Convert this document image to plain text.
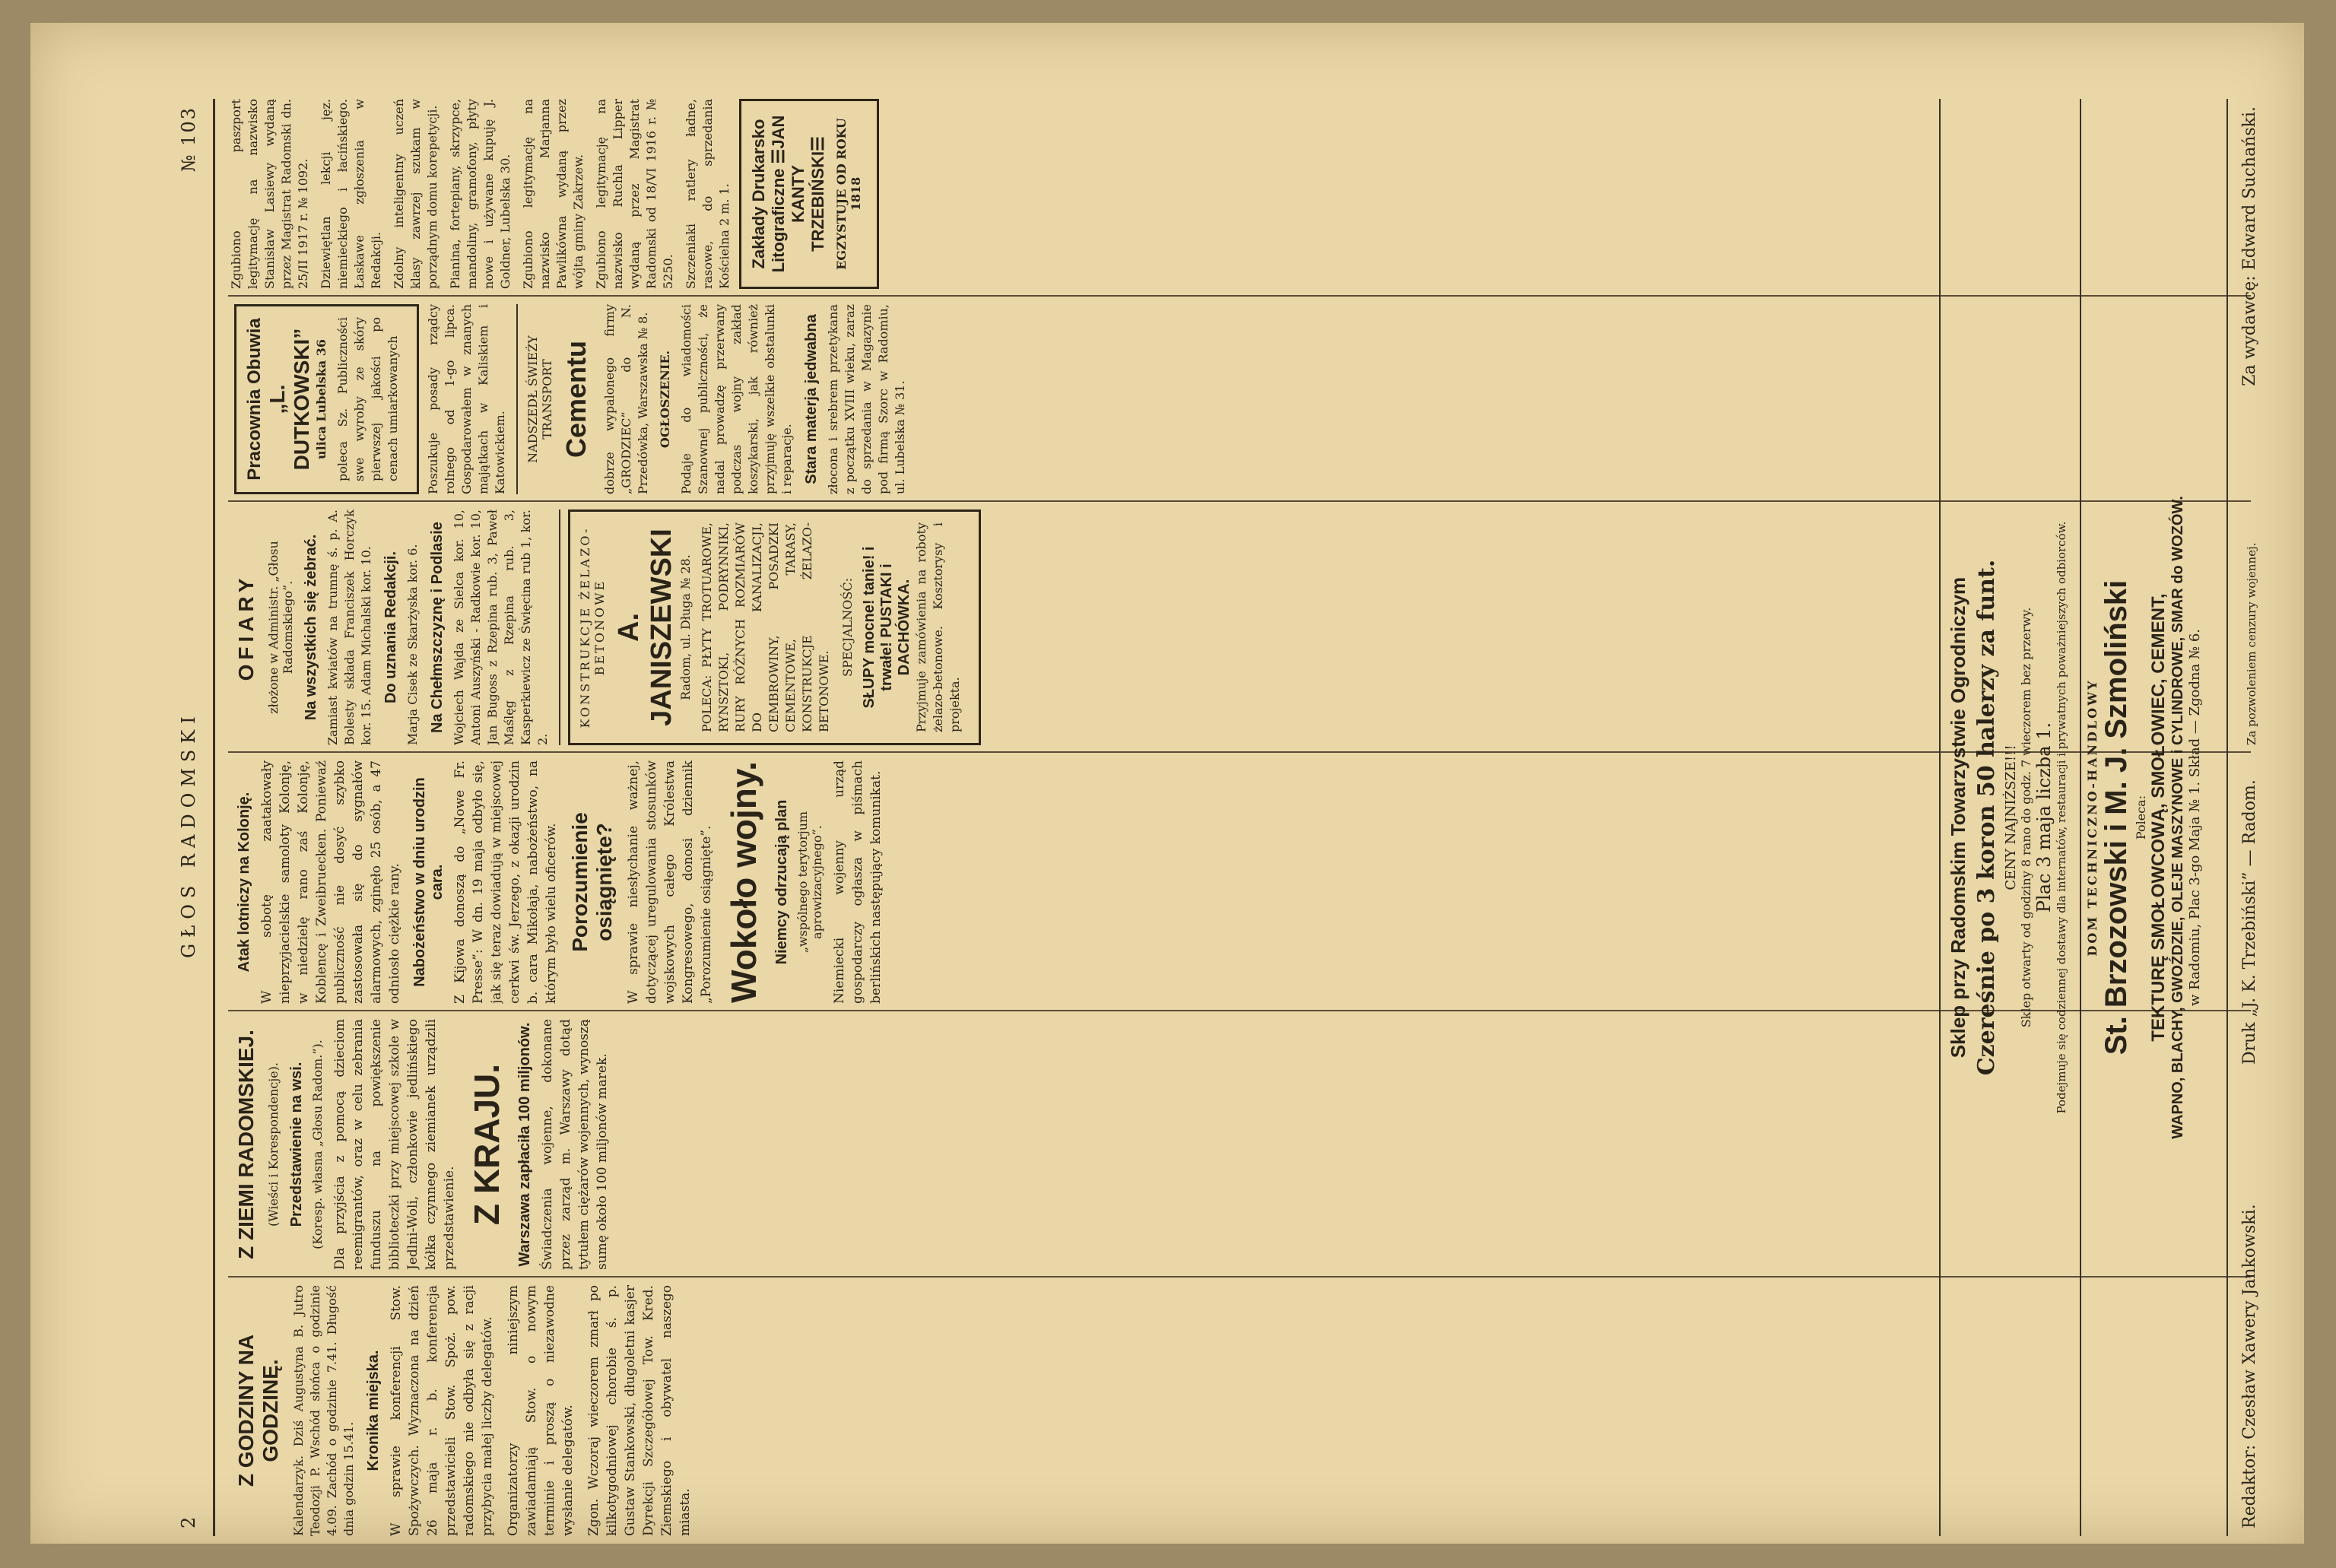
2
GŁOS RADOMSKI
№ 103
Z GODZINY NA GODZINĘ. Kalendarzyk. Dziś Augustyna B. Jutro Teodozji P. Wschód słońca o godzinie 4.09. Zachód o godzinie 7.41. Długość dnia godzin 15.41.

Kronika miejska. W sprawie konferencji Stow. Spożywczych. Wyznaczona na dzień 26 maja r. b. konferencja przedstawicieli Stow. Spoż. pow. radomskiego nie odbyła się z racji przybycia małej liczby delegatów. Organizatorzy niniejszym zawiadamiają Stow. o nowym terminie i proszą o niezawodne wysłanie delegatów. Zgon. Wczoraj wieczorem zmarł po kilkotygodniowej chorobie ś. p. Gustaw Stankowski, długoletni kasjer Dyrekcji Szczegółowej Tow. Kred. Ziemskiego i obywatel naszego miasta.

Z ZIEMI RADOMSKIEJ. (Wieści i Korespondencje). Przedstawienie na wsi. (Koresp. własna „Głosu Radom.”). Dla przyjścia z pomocą dzieciom reemigrantów, oraz w celu zebrania funduszu na powiększenie biblioteczki przy miejscowej szkole w Jedlni-Woli, członkowie jedlińskiego kółka czynnego ziemianek urządzili przedstawienie. Z KRAJU. Warszawa zapłaciła 100 miljonów. Świadczenia wojenne, dokonane przez zarząd m. Warszawy dotąd tytułem ciężarów wojennych, wynoszą sumę około 100 miljonów marek.

Atak lotniczy na Kolonję. W sobotę zaatakowały nieprzyjacielskie samoloty Kolonję, w niedzielę rano zaś Kolonję, Koblencę i Zweibruecken. Poniewaź publiczność nie dosyć szybko zastosowała się do sygnałów alarmowych, zginęło 25 osób, a 47 odniosło ciężkie rany. Nabożeństwo w dniu urodzin cara. Z Kijowa donoszą do „Nowe Fr. Presse”: W dn. 19 maja odbyło się, jak się teraz dowiadują w miejscowej cerkwi św. Jerzego, z okazji urodzin b. cara Mikołaja, nabożeństwo, na którym było wielu oficerów. Porozumienie osiągnięte? W sprawie niesłychanie ważnej, dotyczącej uregulowania stosunków wojskowych całego Królestwa Kongresowego, donosi dziennik „Porozumienie osiągnięte”. Wokoło wojny. Niemcy odrzucają plan „wspólnego terytorjum aprowizacyjnego”. Niemiecki wojenny urząd gospodarczy ogłasza w piśmach berlińskich następujący komunikat.

OFIARY złożone w Administr. „Głosu Radomskiego”. Na wszystkich się żebrać. Zamiast kwiatów na trumnę ś. p. A. Bolesty składa Franciszek Horczyk kor. 15. Adam Michalski kor. 10. Do uznania Redakcji. Marja Cisek ze Skarżyska kor. 6. Na Chełmszczyznę i Podlasie Wojciech Wajda ze Sielca kor. 10, Antoni Auszyński - Radkowie kor. 10, Jan Bugoss z Rzepina rub. 3, Paweł Maślęg z Rzepina rub. 3, Kasperkiewicz ze Święcina rub 1, kor. 2.

KONSTRUKCJE ŻELAZO-BETONOWE A. JANISZEWSKI Radom, ul. Długa № 28. POLECA: PŁYTY TROTUAROWE, RYNSZTOKI, PODRYNNIKI, RURY RÓŻNYCH ROZMIARÓW DO KANALIZACJI, CEMBROWINY, POSADZKI CEMENTOWE, TARASY, KONSTRUKCJE ŻELAZO-BETONOWE.

SPECJALNOŚĆ: SŁUPY mocne! tanie! i trwałe! PUSTAKI i DACHÓWKA. Przyjmuje zamówienia na roboty żelazo-betonowe. Kosztorysy i projekta.

Pracownia Obuwia „L. DUTKOWSKI” ulica Lubelska 36 poleca Sz. Publiczności swe wyroby ze skóry pierwszej jakości po cenach umiarkowanych Poszukuje posady rządcy rolnego od 1-go lipca. Gospodarowałem w znanych majątkach w Kaliskiem i Katowickiem. NADSZEDŁ ŚWIEŻY TRANSPORT Cementu dobrze wypalonego firmy „GRODZIEC” do N. Przedówka, Warszawska № 8. OGŁOSZENIE. Podaje do wiadomości Szanownej publiczności, że nadal prowadzę przerwany podczas wojny zakład koszykarski, jak również przyjmuję wszelkie obstalunki i reparacje. Stara materja jedwabna złocona i srebrem przetykana z początku XVIII wieku, zaraz do sprzedania w Magazynie pod firmą Szorc w Radomiu, ul. Lubelska № 31.

Zgubiono paszport legitymację na nazwisko Stanisław Lasiewy wydaną przez Magistrat Radomski dn. 25/II 1917 r. № 1092. Dziewiętlan lekcji jęz. niemieckiego i łacińskiego. Łaskawe zgłoszenia w Redakcji. Zdolny inteligentny uczeń klasy zawrzej szukam w porządnym domu korepetycji. Pianina, fortepiany, skrzypce, mandoliny, gramofony, płyty nowe i używane kupuję J. Goldner, Lubelska 30. Zgubiono legitymację na nazwisko Marjanna Pawlikówna wydaną przez wójta gminy Zakrzew. Zgubiono legitymację na nazwisko Ruchla Lipper wydaną przez Magistrat Radomski od 18/VI 1916 r. № 5250. Szczeniaki ratlery ładne, rasowe, do sprzedania Kościelna 2 m. 1. Zakłady Drukarsko Litograficzne ☰JAN KANTY TRZEBIŃSKI☰ EGZYSTUJE OD ROKU 1818
Sklep przy Radomskim Towarzystwie Ogrodniczym Czereśnie po 3 koron 50 halerzy za funt. CENY NAJNIŻSZE!!! Sklep otwarty od godziny 8 rano do godz. 7 wieczorem bez przerwy. Plac 3 maja liczba 1. Podejmuje się codziennej dostawy dla internatów, restauracji i prywatnych poważniejszych odbiorców. DOM TECHNICZNO-HANDLOWY St. Brzozowski i M. J. Szmoliński Poleca: TEKTURĘ SMOŁOWCOWĄ, SMOŁOWIEC, CEMENT, WAPNO, BLACHY, GWOŹDZIE, OLEJE MASZYNOWE i CYLINDROWE, SMAR do WOZÓW. w Radomiu, Plac 3-go Maja № 1. Skład — Zgodna № 6.
Redaktor: Czesław Xawery Jankowski.
Druk „J. K. Trzebiński” — Radom.
Za pozwoleniem cenzury wojennej.
Za wydawcę: Edward Suchański.
